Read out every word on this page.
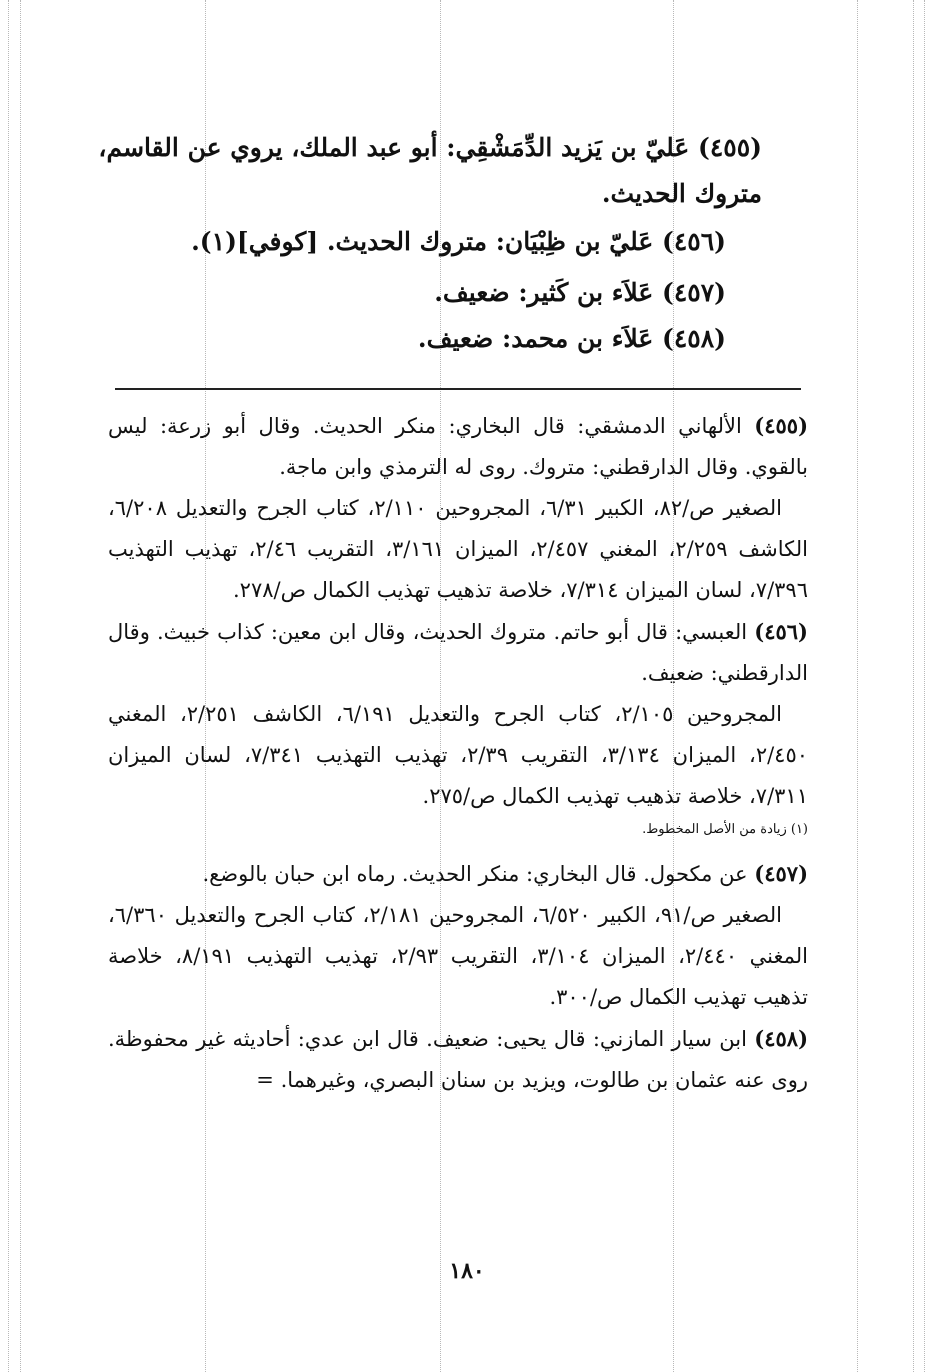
(٤٥٥) عَليّ بن يَزيد الدِّمَشْقِي: أبو عبد الملك، يروي عن القاسم،
متروك الحديث.
(٤٥٦) عَليّ بن ظِبْيَان: متروك الحديث. [كوفي](١).
(٤٥٧) عَلاَء بن كَثير: ضعيف.
(٤٥٨) عَلاَء بن محمد: ضعيف.

(٤٥٥) الألهاني الدمشقي: قال البخاري: منكر الحديث. وقال أبو زرعة: ليس بالقوي. وقال الدارقطني: متروك. روى له الترمذي وابن ماجة.

الصغير ص/٨٢، الكبير ٦/٣١، المجروحين ٢/١١٠، كتاب الجرح والتعديل ٦/٢٠٨، الكاشف ٢/٢٥٩، المغني ٢/٤٥٧، الميزان ٣/١٦١، التقريب ٢/٤٦، تهذيب التهذيب ٧/٣٩٦، لسان الميزان ٧/٣١٤، خلاصة تذهيب تهذيب الكمال ص/٢٧٨.

(٤٥٦) العبسي: قال أبو حاتم. متروك الحديث، وقال ابن معين: كذاب خبيث. وقال الدارقطني: ضعيف.

المجروحين ٢/١٠٥، كتاب الجرح والتعديل ٦/١٩١، الكاشف ٢/٢٥١، المغني ٢/٤٥٠، الميزان ٣/١٣٤، التقريب ٢/٣٩، تهذيب التهذيب ٧/٣٤١، لسان الميزان ٧/٣١١، خلاصة تذهيب تهذيب الكمال ص/٢٧٥.

(١) زيادة من الأصل المخطوط.

(٤٥٧) عن مكحول. قال البخاري: منكر الحديث. رماه ابن حبان بالوضع.

الصغير ص/٩١، الكبير ٦/٥٢٠، المجروحين ٢/١٨١، كتاب الجرح والتعديل ٦/٣٦٠، المغني ٢/٤٤٠، الميزان ٣/١٠٤، التقريب ٢/٩٣، تهذيب التهذيب ٨/١٩١، خلاصة تذهيب تهذيب الكمال ص/٣٠٠.

(٤٥٨) ابن سيار المازني: قال يحيى: ضعيف. قال ابن عدي: أحاديثه غير محفوظة. روى عنه عثمان بن طالوت، ويزيد بن سنان البصري، وغيرهما. =

١٨٠
